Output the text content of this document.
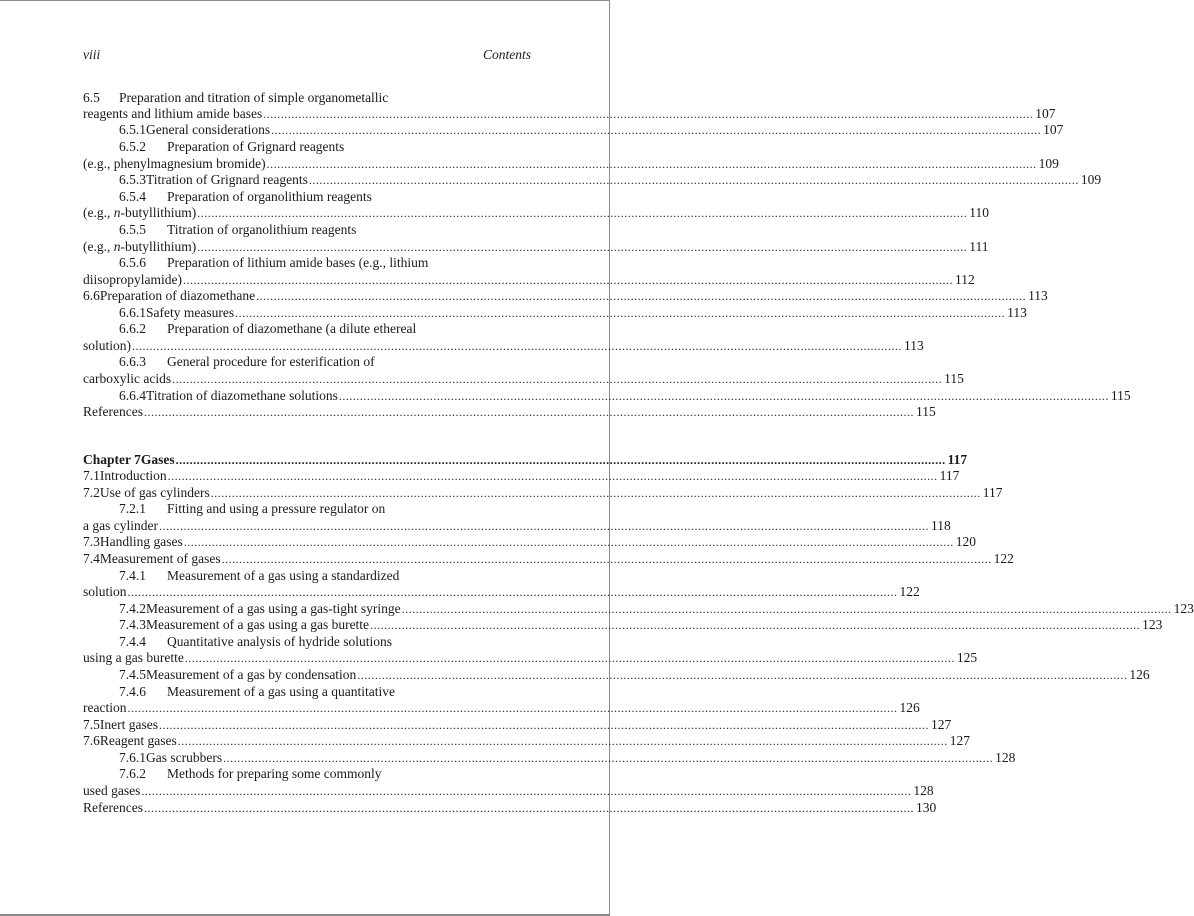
viii	Contents
6.5	Preparation and titration of simple organometallic
reagents and lithium amide bases ............................................................................................................................................................................................................................ 107
6.5.1 General considerations ............................................................................................................................................................................................................................ 107
6.5.2	Preparation of Grignard reagents
(e.g., phenylmagnesium bromide) ............................................................................................................................................................................................................................ 109
6.5.3 Titration of Grignard reagents ............................................................................................................................................................................................................................ 109
6.5.4	Preparation of organolithium reagents
(e.g., n-butyllithium) ............................................................................................................................................................................................................................ 110
6.5.5	Titration of organolithium reagents
(e.g., n-butyllithium) ............................................................................................................................................................................................................................ 111
6.5.6	Preparation of lithium amide bases (e.g., lithium
diisopropylamide) ............................................................................................................................................................................................................................ 112
6.6 Preparation of diazomethane ............................................................................................................................................................................................................................ 113
6.6.1 Safety measures ............................................................................................................................................................................................................................ 113
6.6.2	Preparation of diazomethane (a dilute ethereal
solution) ............................................................................................................................................................................................................................ 113
6.6.3	General procedure for esterification of
carboxylic acids ............................................................................................................................................................................................................................ 115
6.6.4 Titration of diazomethane solutions ............................................................................................................................................................................................................................ 115
References ............................................................................................................................................................................................................................ 115
Chapter 7 Gases ............................................................................................................................................................................................................................ 117
7.1 Introduction ............................................................................................................................................................................................................................ 117
7.2 Use of gas cylinders ............................................................................................................................................................................................................................ 117
7.2.1	Fitting and using a pressure regulator on
a gas cylinder ............................................................................................................................................................................................................................ 118
7.3 Handling gases ............................................................................................................................................................................................................................ 120
7.4 Measurement of gases ............................................................................................................................................................................................................................ 122
7.4.1	Measurement of a gas using a standardized
solution ............................................................................................................................................................................................................................ 122
7.4.2 Measurement of a gas using a gas-tight syringe ............................................................................................................................................................................................................................ 123
7.4.3 Measurement of a gas using a gas burette ............................................................................................................................................................................................................................ 123
7.4.4	Quantitative analysis of hydride solutions
using a gas burette ............................................................................................................................................................................................................................ 125
7.4.5 Measurement of a gas by condensation ............................................................................................................................................................................................................................ 126
7.4.6	Measurement of a gas using a quantitative
reaction ............................................................................................................................................................................................................................ 126
7.5 Inert gases ............................................................................................................................................................................................................................ 127
7.6 Reagent gases ............................................................................................................................................................................................................................ 127
7.6.1 Gas scrubbers ............................................................................................................................................................................................................................ 128
7.6.2	Methods for preparing some commonly
used gases ............................................................................................................................................................................................................................ 128
References ............................................................................................................................................................................................................................ 130
